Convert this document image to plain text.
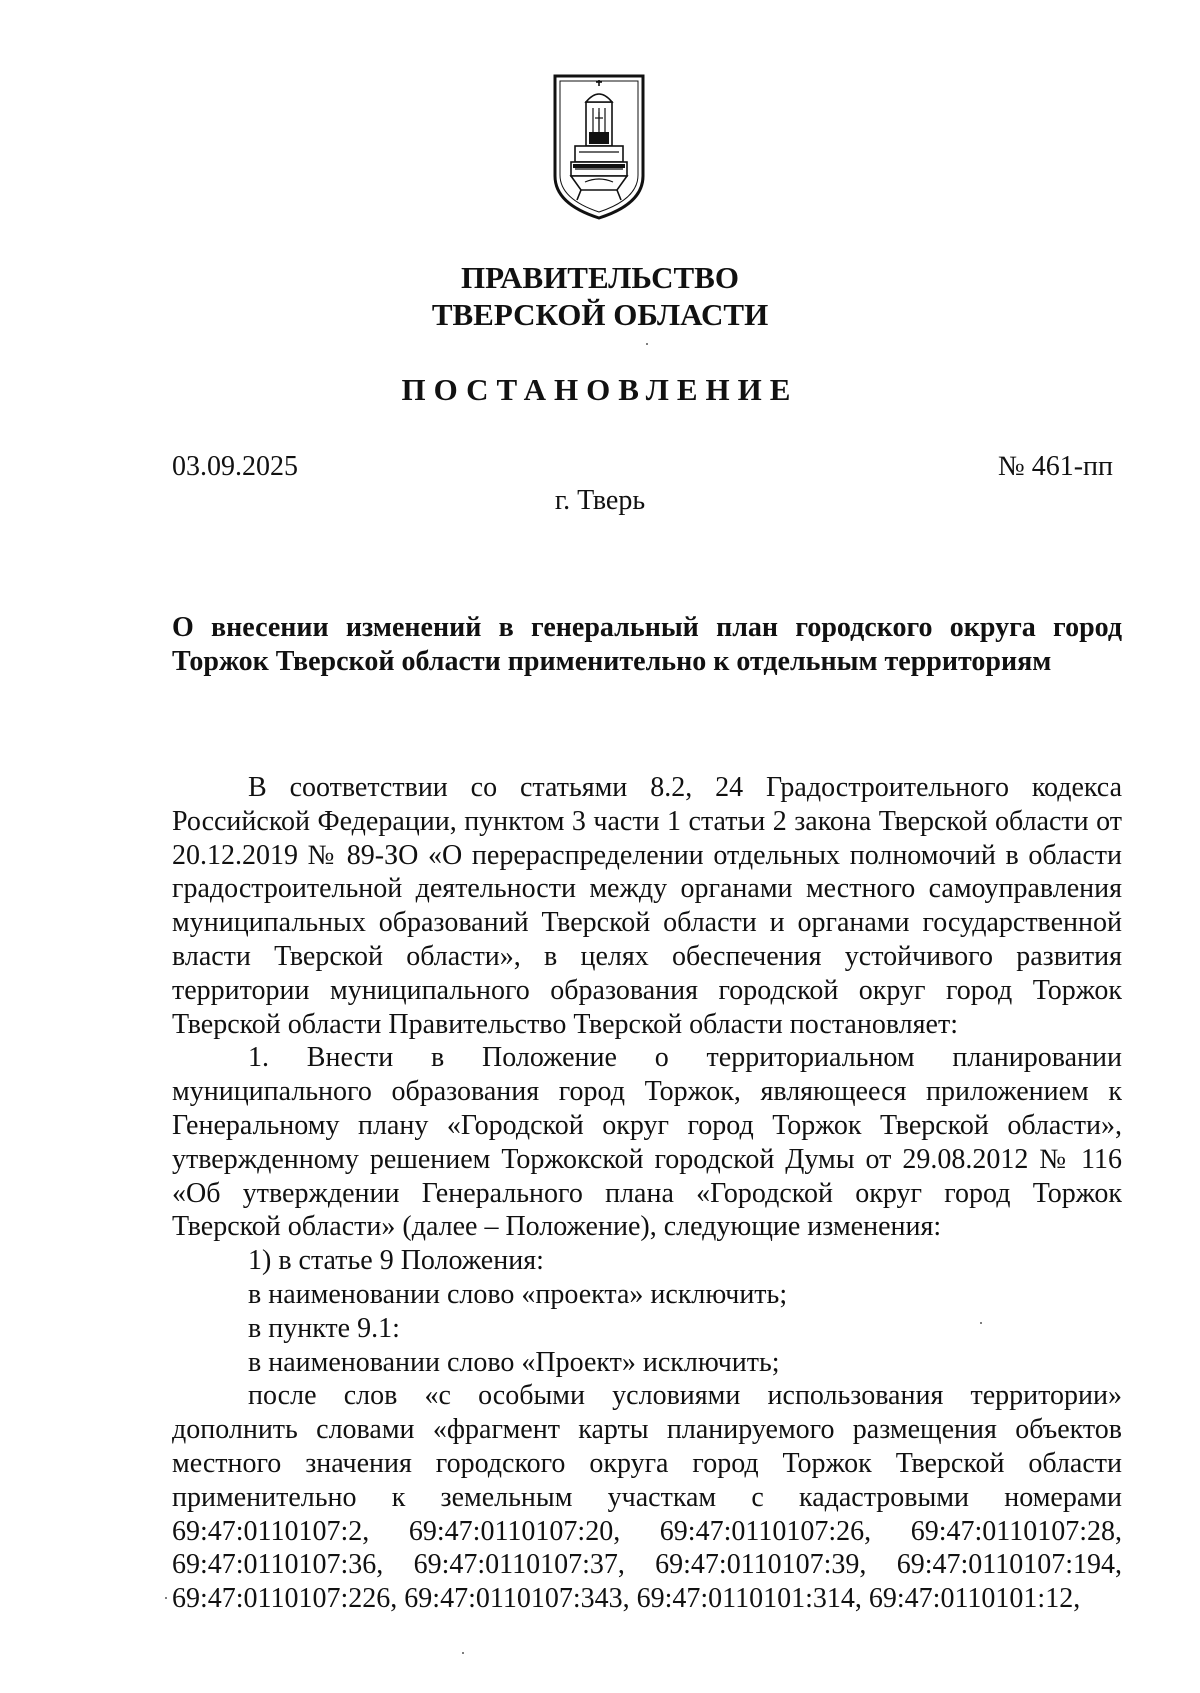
ПРАВИТЕЛЬСТВО
ТВЕРСКОЙ ОБЛАСТИ
ПОСТАНОВЛЕНИЕ
03.09.2025	№ 461-пп
г. Тверь
О внесении изменений в генеральный план городского округа город Торжок Тверской области применительно к отдельным территориям

В соответствии со статьями 8.2, 24 Градостроительного кодекса Российской Федерации, пунктом 3 части 1 статьи 2 закона Тверской области от 20.12.2019 № 89-ЗО «О перераспределении отдельных полномочий в области градостроительной деятельности между органами местного самоуправления муниципальных образований Тверской области и органами государственной власти Тверской области», в целях обеспечения устойчивого развития территории муниципального образования городской округ город Торжок Тверской области Правительство Тверской области постановляет:

1. Внести в Положение о территориальном планировании муниципального образования город Торжок, являющееся приложением к Генеральному плану «Городской округ город Торжок Тверской области», утвержденному решением Торжокской городской Думы от 29.08.2012 № 116 «Об утверждении Генерального плана «Городской округ город Торжок Тверской области» (далее – Положение), следующие изменения:

1) в статье 9 Положения:

в наименовании слово «проекта» исключить;

в пункте 9.1:

в наименовании слово «Проект» исключить;

после слов «с особыми условиями использования территории» дополнить словами «фрагмент карты планируемого размещения объектов местного значения городского округа город Торжок Тверской области применительно к земельным участкам с кадастровыми номерами 69:47:0110107:2, 69:47:0110107:20, 69:47:0110107:26, 69:47:0110107:28, 69:47:0110107:36, 69:47:0110107:37, 69:47:0110107:39, 69:47:0110107:194, 69:47:0110107:226, 69:47:0110107:343, 69:47:0110101:314, 69:47:0110101:12,
